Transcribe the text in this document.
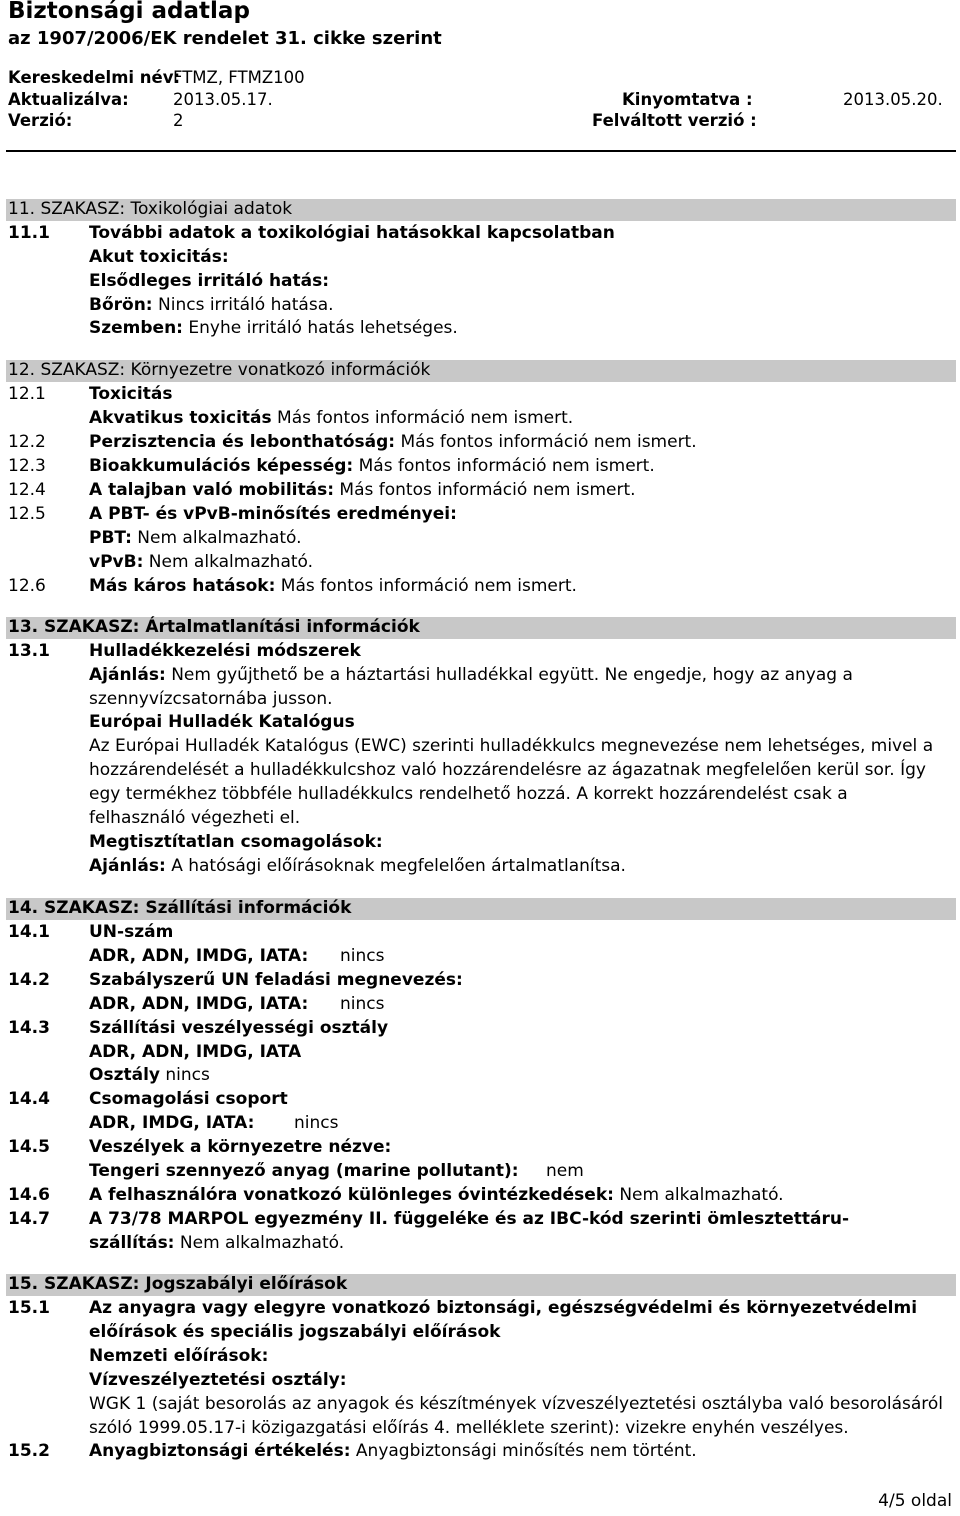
Biztonsági adatlap
az 1907/2006/EK rendelet 31. cikke szerint
Kereskedelmi név:
FTMZ, FTMZ100
Aktualizálva:	2013.05.17.	Kinyomtatva :	2013.05.20.
Verzió:	2	Felváltott verzió :
11. SZAKASZ: Toxikológiai adatok
11.1 További adatok a toxikológiai hatásokkal kapcsolatban
Akut toxicitás:
Elsődleges irritáló hatás:
Bőrön: Nincs irritáló hatása.
Szemben: Enyhe irritáló hatás lehetséges.
12. SZAKASZ: Környezetre vonatkozó információk
12.1	Toxicitás
Akvatikus toxicitás Más fontos információ nem ismert.
12.2	Perzisztencia és lebonthatóság: Más fontos információ nem ismert.
12.3	Bioakkumulációs képesség: Más fontos információ nem ismert.
12.4	A talajban való mobilitás: Más fontos információ nem ismert.
12.5	A PBT- és vPvB-minősítés eredményei:
PBT: Nem alkalmazható.
vPvB: Nem alkalmazható.
12.6	Más káros hatások: Más fontos információ nem ismert.
13. SZAKASZ: Ártalmatlanítási információk
13.1 Hulladékkezelési módszerek
Ajánlás: Nem gyűjthető be a háztartási hulladékkal együtt. Ne engedje, hogy az anyag a
szennyvízcsatornába jusson.
Európai Hulladék Katalógus
Az Európai Hulladék Katalógus (EWC) szerinti hulladékkulcs megnevezése nem lehetséges, mivel a
hozzárendelését a hulladékkulcshoz való hozzárendelésre az ágazatnak megfelelően kerül sor. Így
egy termékhez többféle hulladékkulcs rendelhető hozzá. A korrekt hozzárendelést csak a
felhasználó végezheti el.
Megtisztítatlan csomagolások:
Ajánlás: A hatósági előírásoknak megfelelően ártalmatlanítsa.
14. SZAKASZ: Szállítási információk
14.1 UN-szám
ADR, ADN, IMDG, IATA: nincs
14.2 Szabályszerű UN feladási megnevezés:
ADR, ADN, IMDG, IATA: nincs
14.3 Szállítási veszélyességi osztály
ADR, ADN, IMDG, IATA
Osztály nincs
14.4 Csomagolási csoport
ADR, IMDG, IATA: nincs
14.5 Veszélyek a környezetre nézve:
Tengeri szennyező anyag (marine pollutant): nem
14.6 A felhasználóra vonatkozó különleges óvintézkedések: Nem alkalmazható.
14.7 A 73/78 MARPOL egyezmény II. függeléke és az IBC-kód szerinti ömlesztettáru-
szállítás: Nem alkalmazható.
15. SZAKASZ: Jogszabályi előírások
15.1 Az anyagra vagy elegyre vonatkozó biztonsági, egészségvédelmi és környezetvédelmi
előírások és speciális jogszabályi előírások
Nemzeti előírások:
Vízveszélyeztetési osztály:
WGK 1 (saját besorolás az anyagok és készítmények vízveszélyeztetési osztályba való besorolásáról
szóló 1999.05.17-i közigazgatási előírás 4. melléklete szerint): vizekre enyhén veszélyes.
15.2 Anyagbiztonsági értékelés: Anyagbiztonsági minősítés nem történt.
4/5 oldal
